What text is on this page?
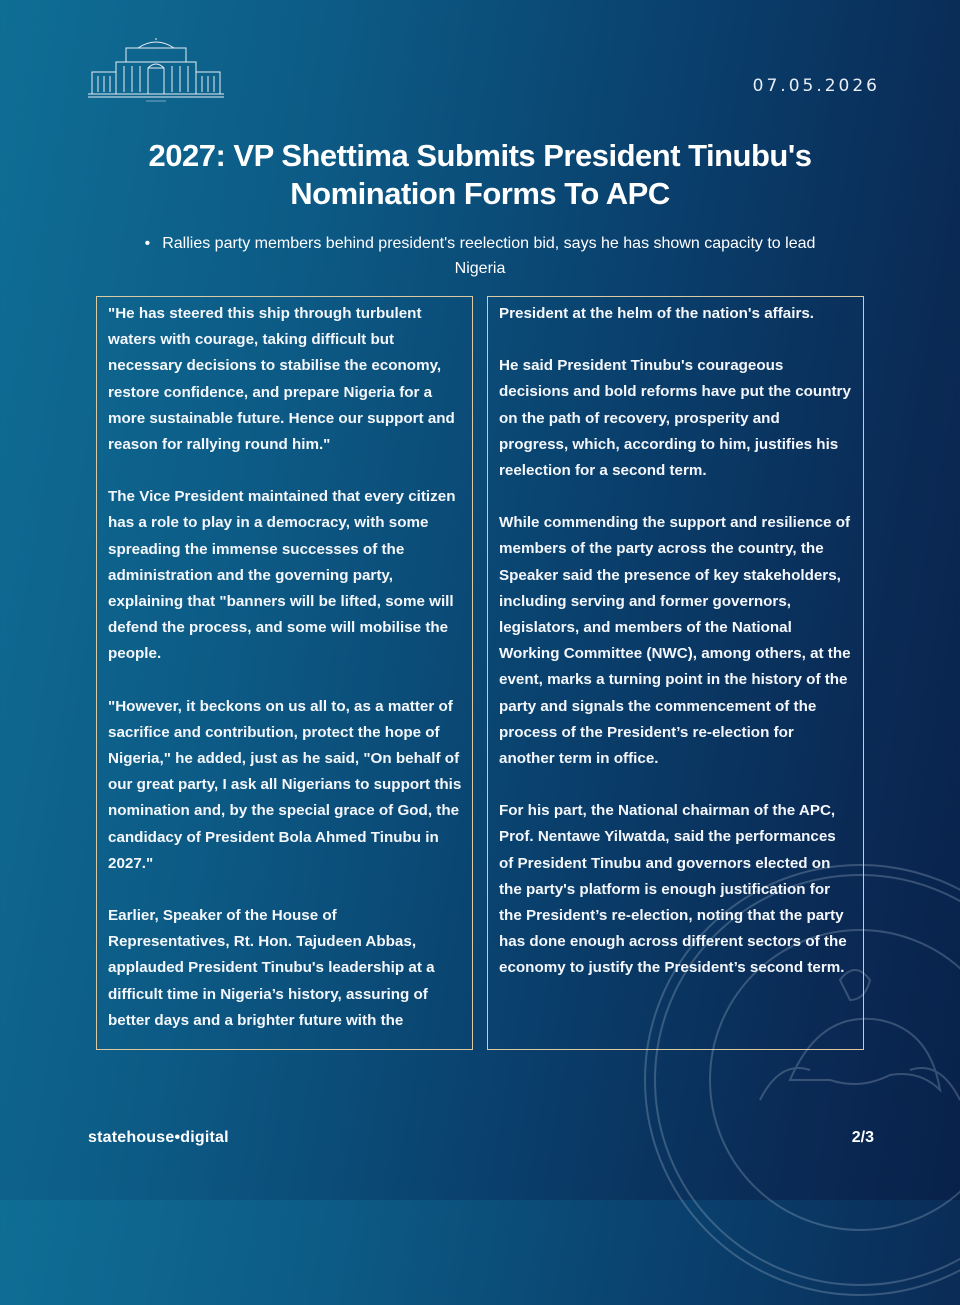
07.05.2026
2027: VP Shettima Submits President Tinubu's Nomination Forms To APC

• Rallies party members behind president's reelection bid, says he has shown capacity to lead Nigeria

"He has steered this ship through turbulent waters with courage, taking difficult but necessary decisions to stabilise the economy, restore confidence, and prepare Nigeria for a more sustainable future. Hence our support and reason for rallying round him."

The Vice President maintained that every citizen has a role to play in a democracy, with some spreading the immense successes of the administration and the governing party, explaining that "banners will be lifted, some will defend the process, and some will mobilise the people.

"However, it beckons on us all to, as a matter of sacrifice and contribution, protect the hope of Nigeria," he added, just as he said, "On behalf of our great party, I ask all Nigerians to support this nomination and, by the special grace of God, the candidacy of President Bola Ahmed Tinubu in 2027."

Earlier, Speaker of the House of Representatives, Rt. Hon. Tajudeen Abbas, applauded President Tinubu's leadership at a difficult time in Nigeria’s history, assuring of better days and a brighter future with the

President at the helm of the nation's affairs.

He said President Tinubu's courageous decisions and bold reforms have put the country on the path of recovery, prosperity and progress, which, according to him, justifies his reelection for a second term.

While commending the support and resilience of members of the party across the country, the Speaker said the presence of key stakeholders, including serving and former governors, legislators, and members of the National Working Committee (NWC), among others, at the event, marks a turning point in the history of the party and signals the commencement of the process of the President’s re-election for another term in office.

For his part, the National chairman of the APC, Prof. Nentawe Yilwatda, said the performances of President Tinubu and governors elected on the party's platform is enough justification for the President’s re-election, noting that the party has done enough across different sectors of the economy to justify the President’s second term.

statehouse•digital	2/3
